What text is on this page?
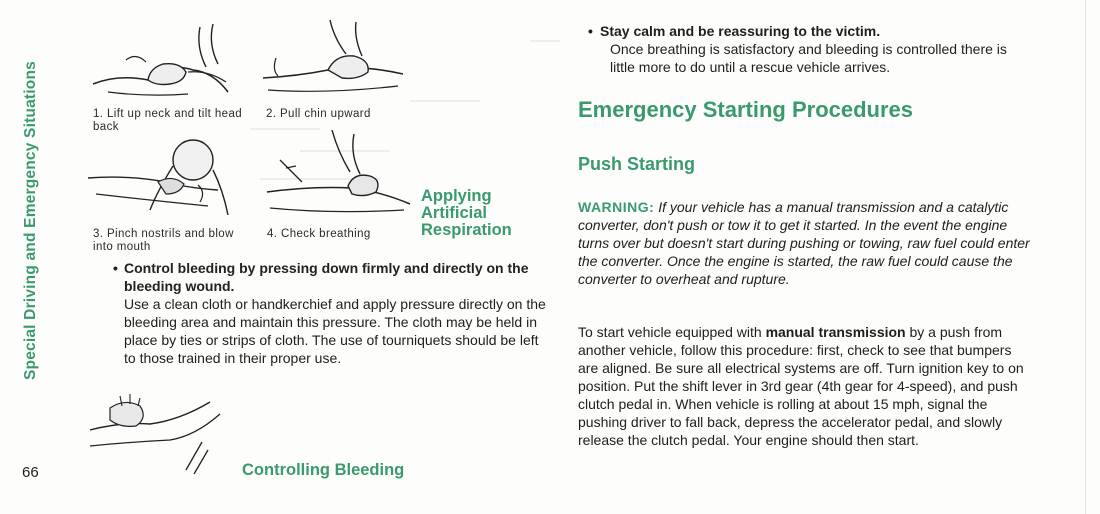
Special Driving and Emergency Situations
66
1. Lift up neck and tilt head back
2. Pull chin upward
3. Pinch nostrils and blow into mouth
4. Check breathing
Applying
Artificial
Respiration
• Control bleeding by pressing down firmly and directly on the bleeding wound.
Use a clean cloth or handkerchief and apply pressure directly on the bleeding area and maintain this pressure. The cloth may be held in place by ties or strips of cloth. The use of tourniquets should be left to those trained in their proper use.
Controlling Bleeding
• Stay calm and be reassuring to the victim.
Once breathing is satisfactory and bleeding is controlled there is little more to do until a rescue vehicle arrives.
Emergency Starting Procedures
Push Starting
WARNING: If your vehicle has a manual transmission and a catalytic converter, don't push or tow it to get it started. In the event the engine turns over but doesn't start during pushing or towing, raw fuel could enter the converter. Once the engine is started, the raw fuel could cause the converter to overheat and rupture.
To start vehicle equipped with manual transmission by a push from another vehicle, follow this procedure: first, check to see that bumpers are aligned. Be sure all electrical systems are off. Turn ignition key to on position. Put the shift lever in 3rd gear (4th gear for 4-speed), and push clutch pedal in. When vehicle is rolling at about 15 mph, signal the pushing driver to fall back, depress the accelerator pedal, and slowly release the clutch pedal. Your engine should then start.
